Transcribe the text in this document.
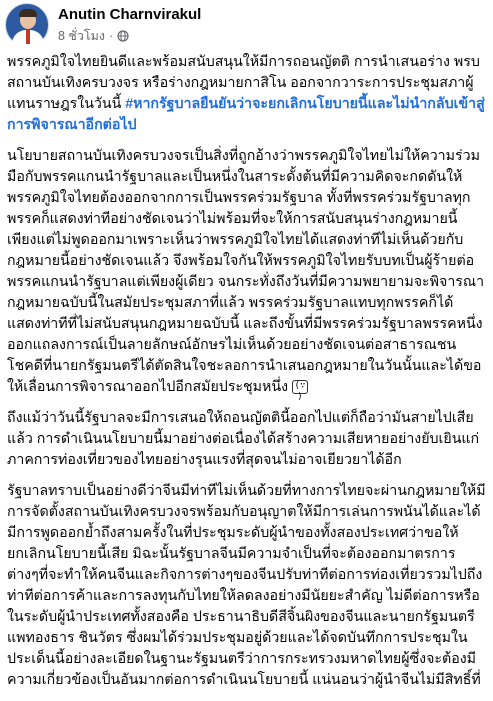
Anutin Charnvirakul
8 ชั่วโมง ·

พรรคภูมิใจไทยยินดีและพร้อมสนับสนุนให้มีการถอนญัตติ การนำเสนอร่าง พรบ สถานบันเทิงครบวงจร หรือร่างกฎหมายกาสิโน ออกจากวาระการประชุมสภาผู้แทนราษฎรในวันนี้ #หากรัฐบาลยืนยันว่าจะยกเลิกนโยบายนี้และไม่นำกลับเข้าสู่การพิจารณาอีกต่อไป

นโยบายสถานบันเทิงครบวงจรเป็นสิ่งที่ถูกอ้างว่าพรรคภูมิใจไทยไม่ให้ความร่วมมือกับพรรคแกนนำรัฐบาลและเป็นหนึ่งในสาระดั้งต้นที่มีความคิดจะกดดันให้พรรคภูมิใจไทยต้องออกจากการเป็นพรรคร่วมรัฐบาล ทั้งที่พรรคร่วมรัฐบาลทุกพรรคก็แสดงท่าทีอย่างชัดเจนว่าไม่พร้อมที่จะให้การสนับสนุนร่างกฎหมายนี้เพียงแต่ไม่พูดออกมาเพราะเห็นว่าพรรคภูมิใจไทยได้แสดงท่าทีไม่เห็นด้วยกับกฎหมายนี้อย่างชัดเจนแล้ว จึงพร้อมใจกันให้พรรคภูมิใจไทยรับบทเป็นผู้ร้ายต่อพรรคแกนนำรัฐบาลแต่เพียงผู้เดียว จนกระทั่งถึงวันที่มีความพยายามจะพิจารณากฎหมายฉบับนี้ในสมัยประชุมสภาที่แล้ว พรรคร่วมรัฐบาลแทบทุกพรรคก็ได้แสดงท่าทีที่ไม่สนับสนุนกฎหมายฉบับนี้ และถึงขั้นที่มีพรรคร่วมรัฐบาลพรรคหนึ่งออกแถลงการณ์เป็นลายลักษณ์อักษรไม่เห็นด้วยอย่างชัดเจนต่อสาธารณชน โชคดีที่นายกรัฐมนตรีได้ตัดสินใจชะลอการนำเสนอกฎหมายในวันนั้นและได้ขอให้เลื่อนการพิจารณาออกไปอีกสมัยประชุมหนึ่ง (∵)

ถึงแม้ว่าวันนี้รัฐบาลจะมีการเสนอให้ถอนญัตตินี้ออกไปแต่ก็ถือว่ามันสายไปเสียแล้ว การดำเนินนโยบายนี้มาอย่างต่อเนื่องได้สร้างความเสียหายอย่างยับเยินแก่ภาคการท่องเที่ยวของไทยอย่างรุนแรงที่สุดจนไม่อาจเยียวยาได้อีก

รัฐบาลทราบเป็นอย่างดีว่าจีนมีท่าทีไม่เห็นด้วยที่ทางการไทยจะผ่านกฎหมายให้มีการจัดตั้งสถานบันเทิงครบวงจรพร้อมกับอนุญาตให้มีการเล่นการพนันได้และได้มีการพูดออกย้ำถึงสามครั้งในที่ประชุมระดับผู้นำของทั้งสองประเทศว่าขอให้ยกเลิกนโยบายนี้เสีย มิฉะนั้นรัฐบาลจีนมีความจำเป็นที่จะต้องออกมาตรการต่างๆที่จะทำให้คนจีนและกิจการต่างๆของจีนปรับท่าทีต่อการท่องเที่ยวรวมไปถึงท่าทีต่อการค้าและการลงทุนกับไทยให้ลดลงอย่างมีนัยยะสำคัญ ไม่ดีต่อการหรือในระดับผู้นำประเทศทั้งสองคือ ประธานาธิบดีสีจิ้นผิงของจีนและนายกรัฐมนตรีแพทองธาร ชินวัตร ซึ่งผมได้ร่วมประชุมอยู่ด้วยและได้จดบันทึกการประชุมในประเด็นนี้อย่างละเอียดในฐานะรัฐมนตรีว่าการกระทรวงมหาดไทยผู้ซึ่งจะต้องมีความเกี่ยวข้องเป็นอันมากต่อการดำเนินนโยบายนี้ แน่นอนว่าผู้นำจีนไม่มีสิทธิ์ที่
